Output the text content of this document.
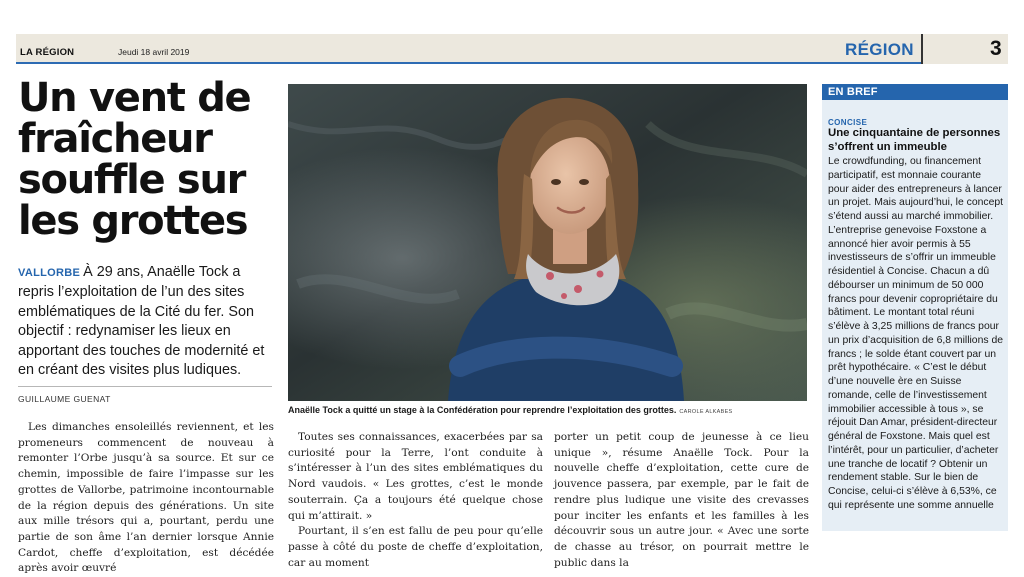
LA RÉGION	Jeudi 18 avril 2019	RÉGION	3
Un vent de fraîcheur souffle sur les grottes

VALLORBE À 29 ans, Anaëlle Tock a repris l’exploitation de l’un des sites emblématiques de la Cité du fer. Son objectif : redynamiser les lieux en apportant des touches de modernité et en créant des visites plus ludiques.

GUILLAUME GUENAT
Anaëlle Tock a quitté un stage à la Confédération pour reprendre l’exploitation des grottes. CAROLE ALKABES

Les dimanches ensoleillés reviennent, et les promeneurs commencent de nouveau à remonter l’Orbe jusqu’à sa source. Et sur ce chemin, impossible de faire l’impasse sur les grottes de Vallorbe, patrimoine incontournable de la région depuis des générations. Un site aux mille trésors qui a, pourtant, perdu une partie de son âme l’an dernier lorsque Annie Cardot, cheffe d’exploitation, est décédée après avoir œuvré

Toutes ses connaissances, exacerbées par sa curiosité pour la Terre, l’ont conduite à s’intéresser à l’un des sites emblématiques du Nord vaudois. « Les grottes, c’est le monde souterrain. Ça a toujours été quelque chose qui m’attirait. »

Pourtant, il s’en est fallu de peu pour qu’elle passe à côté du poste de cheffe d’exploitation, car au moment

porter un petit coup de jeunesse à ce lieu unique », résume Anaëlle Tock. Pour la nouvelle cheffe d’exploitation, cette cure de jouvence passera, par exemple, par le fait de rendre plus ludique une visite des crevasses pour inciter les enfants et les familles à les découvrir sous un autre jour. « Avec une sorte de chasse au trésor, on pourrait mettre le public dans la

EN BREF
CONCISE

Une cinquantaine de personnes s’offrent un immeuble

Le crowdfunding, ou financement participatif, est monnaie courante pour aider des entrepreneurs à lancer un projet. Mais aujourd’hui, le concept s’étend aussi au marché immobilier. L’entreprise genevoise Foxstone a annoncé hier avoir permis à 55 investisseurs de s’offrir un immeuble résidentiel à Concise. Chacun a dû débourser un minimum de 50 000 francs pour devenir copropriétaire du bâtiment. Le montant total réuni s’élève à 3,25 millions de francs pour un prix d’acquisition de 6,8 millions de francs ; le solde étant couvert par un prêt hypothécaire. « C’est le début d’une nouvelle ère en Suisse romande, celle de l’investissement immobilier accessible à tous », se réjouit Dan Amar, président-directeur général de Foxstone. Mais quel est l’intérêt, pour un particulier, d’acheter une tranche de locatif ? Obtenir un rendement stable. Sur le bien de Concise, celui-ci s’élève à 6,53%, ce qui représente une somme annuelle
